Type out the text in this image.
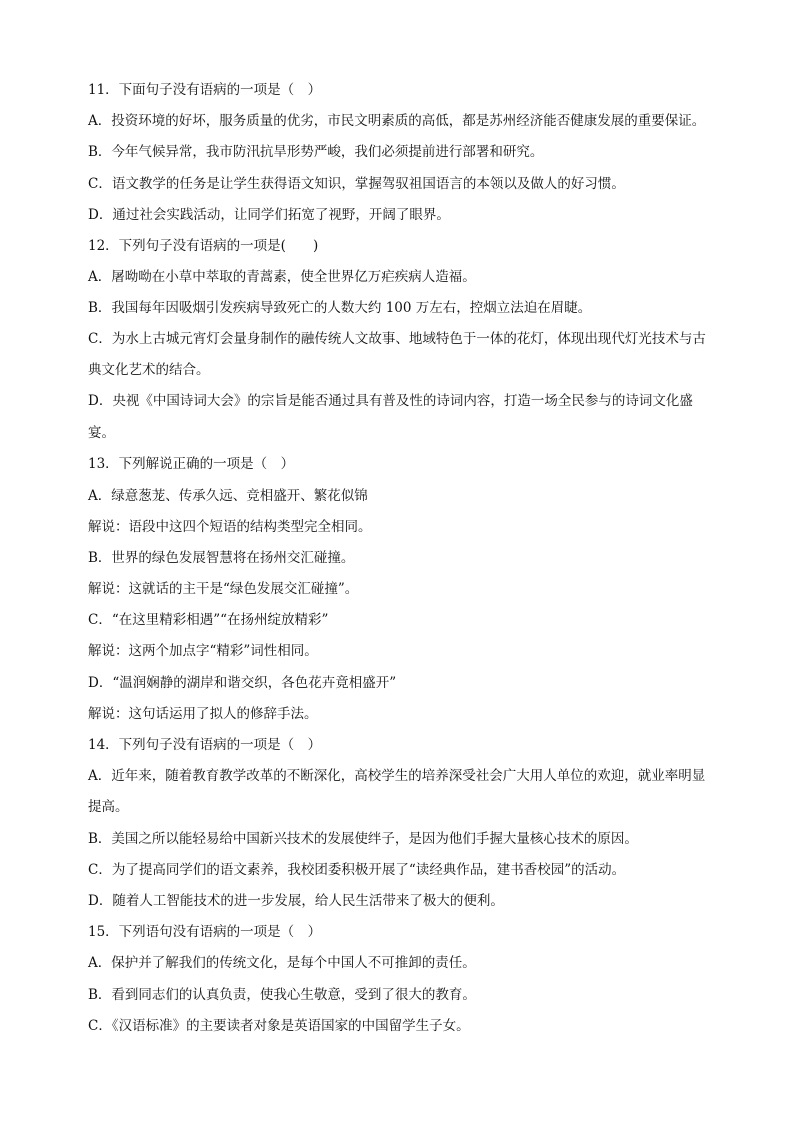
11．下面句子没有语病的一项是（　）
A．投资环境的好坏，服务质量的优劣，市民文明素质的高低，都是苏州经济能否健康发展的重要保证。
B．今年气候异常，我市防汛抗旱形势严峻，我们必须提前进行部署和研究。
C．语文教学的任务是让学生获得语文知识，掌握驾驭祖国语言的本领以及做人的好习惯。
D．通过社会实践活动，让同学们拓宽了视野，开阔了眼界。
12．下列句子没有语病的一项是(　　)
A．屠呦呦在小草中萃取的青蒿素，使全世界亿万疟疾病人造福。
B．我国每年因吸烟引发疾病导致死亡的人数大约 100 万左右，控烟立法迫在眉睫。
C．为水上古城元宵灯会量身制作的融传统人文故事、地域特色于一体的花灯，体现出现代灯光技术与古典文化艺术的结合。
D．央视《中国诗词大会》的宗旨是能否通过具有普及性的诗词内容，打造一场全民参与的诗词文化盛宴。
13．下列解说正确的一项是（　）
A．绿意葱茏、传承久远、竞相盛开、繁花似锦
解说：语段中这四个短语的结构类型完全相同。
B．世界的绿色发展智慧将在扬州交汇碰撞。
解说：这就话的主干是“绿色发展交汇碰撞”。
C．“在这里精彩相遇”“在扬州绽放精彩”
解说：这两个加点字“精彩”词性相同。
D．“温润娴静的湖岸和谐交织，各色花卉竟相盛开”
解说：这句话运用了拟人的修辞手法。
14．下列句子没有语病的一项是（　）
A．近年来，随着教育教学改革的不断深化，高校学生的培养深受社会广大用人单位的欢迎，就业率明显提高。
B．美国之所以能轻易给中国新兴技术的发展使绊子，是因为他们手握大量核心技术的原因。
C．为了提高同学们的语文素养，我校团委积极开展了“读经典作品，建书香校园”的活动。
D．随着人工智能技术的进一步发展，给人民生活带来了极大的便利。
15．下列语句没有语病的一项是（　）
A．保护并了解我们的传统文化，是每个中国人不可推卸的责任。
B．看到同志们的认真负责，使我心生敬意，受到了很大的教育。
C．《汉语标准》的主要读者对象是英语国家的中国留学生子女。
